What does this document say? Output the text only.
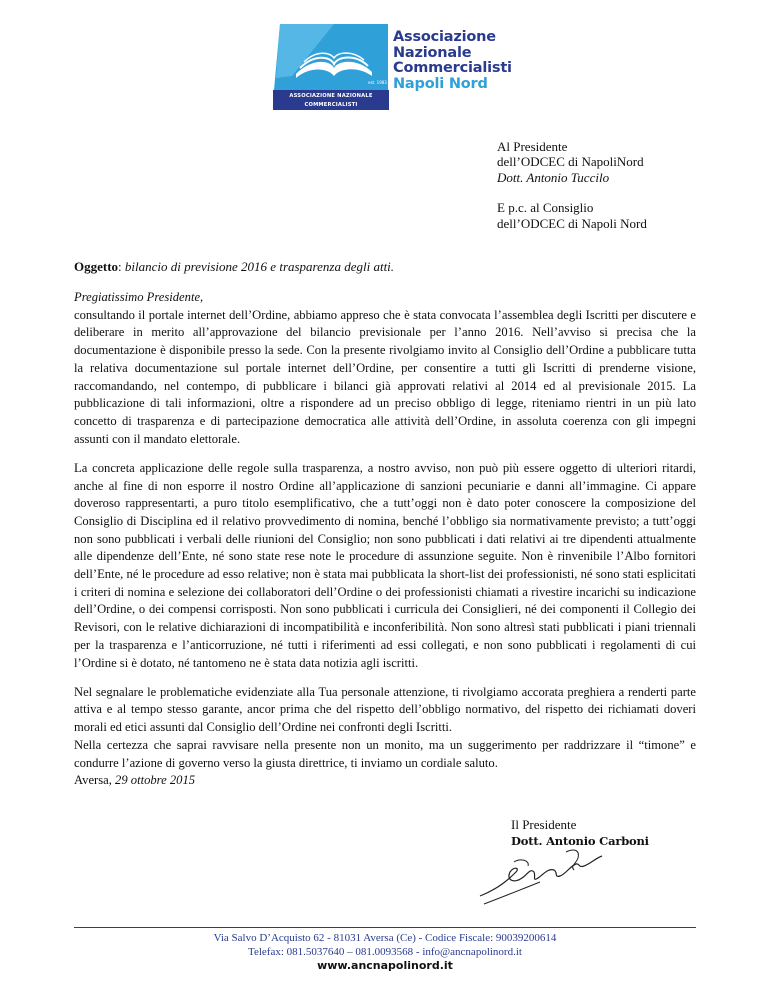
est. 1983
ASSOCIAZIONE NAZIONALE COMMERCIALISTI
Associazione
Nazionale
Commercialisti
Napoli Nord
Al Presidente
dell’ODCEC di NapoliNord
Dott. Antonio Tuccilo
E p.c. al Consiglio
dell’ODCEC di Napoli Nord
Oggetto: bilancio di previsione 2016 e trasparenza degli atti.

Pregiatissimo Presidente,

consultando il portale internet dell’Ordine, abbiamo appreso che è stata convocata l’assemblea degli Iscritti per discutere e deliberare in merito all’approvazione del bilancio previsionale per l’anno 2016. Nell’avviso si precisa che la documentazione è disponibile presso la sede. Con la presente rivolgiamo invito al Consiglio dell’Ordine a pubblicare tutta la relativa documentazione sul portale internet dell’Ordine, per consentire a tutti gli Iscritti di prenderne visione, raccomandando, nel contempo, di pubblicare i bilanci già approvati relativi al 2014 ed al previsionale 2015. La pubblicazione di tali informazioni, oltre a rispondere ad un preciso obbligo di legge, riteniamo rientri in un più lato concetto di trasparenza e di partecipazione democratica alle attività dell’Ordine, in assoluta coerenza con gli impegni assunti con il mandato elettorale.

La concreta applicazione delle regole sulla trasparenza, a nostro avviso, non può più essere oggetto di ulteriori ritardi, anche al fine di non esporre il nostro Ordine all’applicazione di sanzioni pecuniarie e danni all’immagine. Ci appare doveroso rappresentarti, a puro titolo esemplificativo, che a tutt’oggi non è dato poter conoscere la composizione del Consiglio di Disciplina ed il relativo provvedimento di nomina, benché l’obbligo sia normativamente previsto; a tutt’oggi non sono pubblicati i verbali delle riunioni del Consiglio; non sono pubblicati i dati relativi ai tre dipendenti attualmente alle dipendenze dell’Ente, né sono state rese note le procedure di assunzione seguite. Non è rinvenibile l’Albo fornitori dell’Ente, né le procedure ad esso relative; non è stata mai pubblicata la short-list dei professionisti, né sono stati esplicitati i criteri di nomina e selezione dei collaboratori dell’Ordine o dei professionisti chiamati a rivestire incarichi su indicazione dell’Ordine, o dei compensi corrisposti. Non sono pubblicati i curricula dei Consiglieri, né dei componenti il Collegio dei Revisori, con le relative dichiarazioni di incompatibilità e inconferibilità. Non sono altresì stati pubblicati i piani triennali per la trasparenza e l’anticorruzione, né tutti i riferimenti ad essi collegati, e non sono pubblicati i regolamenti di cui l’Ordine si è dotato, né tantomeno ne è stata data notizia agli iscritti.

Nel segnalare le problematiche evidenziate alla Tua personale attenzione, ti rivolgiamo accorata preghiera a renderti parte attiva e al tempo stesso garante, ancor prima che del rispetto dell’obbligo normativo, del rispetto dei richiamati doveri morali ed etici assunti dal Consiglio dell’Ordine nei confronti degli Iscritti.

Nella certezza che saprai ravvisare nella presente non un monito, ma un suggerimento per raddrizzare il “timone” e condurre l’azione di governo verso la giusta direttrice, ti inviamo un cordiale saluto.

Aversa, 29 ottobre 2015

Il Presidente
Dott. Antonio Carboni
Via Salvo D’Acquisto 62 - 81031 Aversa (Ce) - Codice Fiscale: 90039200614
Telefax: 081.5037640 – 081.0093568 - info@ancnapolinord.it
www.ancnapolinord.it
